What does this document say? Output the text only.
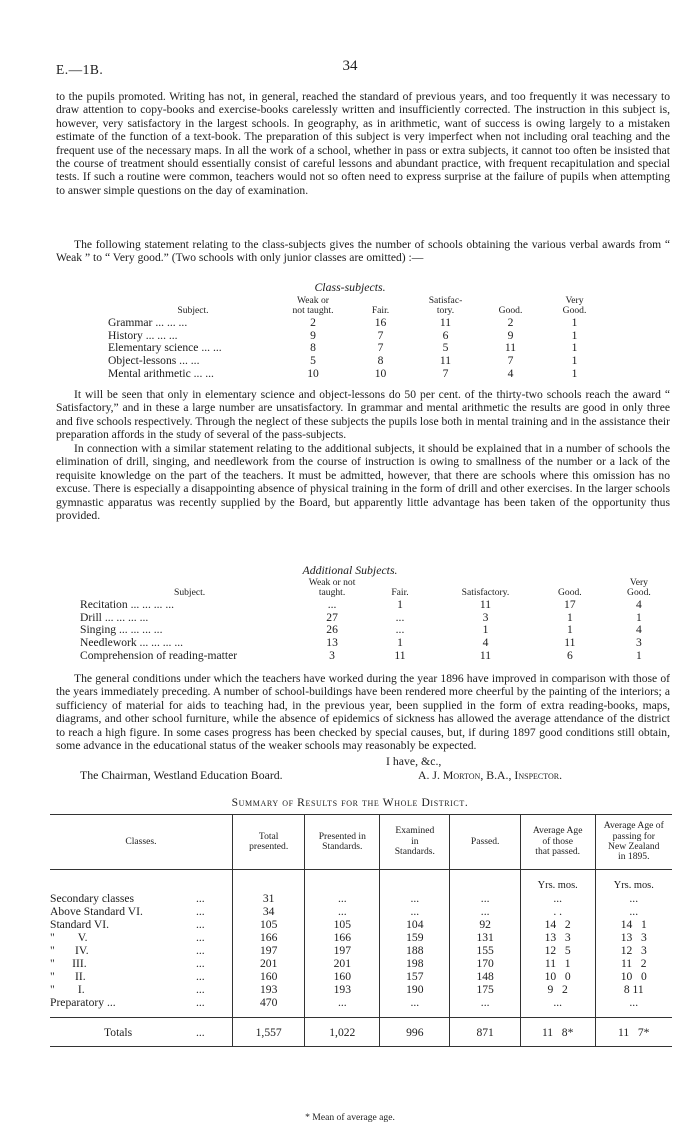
E.—1B.	34
to the pupils promoted. Writing has not, in general, reached the standard of previous years, and too frequently it was necessary to draw attention to copy-books and exercise-books carelessly written and insufficiently corrected. The instruction in this subject is, however, very satisfactory in the largest schools. In geography, as in arithmetic, want of success is owing largely to a mistaken estimate of the function of a text-book. The preparation of this subject is very imperfect when not including oral teaching and the frequent use of the necessary maps. In all the work of a school, whether in pass or extra subjects, it cannot too often be insisted that the course of treatment should essentially consist of careful lessons and abundant practice, with frequent recapitulation and special tests. If such a routine were common, teachers would not so often need to express surprise at the failure of pupils when attempting to answer simple questions on the day of examination.
The following statement relating to the class-subjects gives the number of schools obtaining the various verbal awards from “ Weak ” to “ Very good.” (Two schools with only junior classes are omitted) :—
Class-subjects.
Subject.	Weak or
not taught.	Fair.	Satisfac-
tory.	Good.	Very
Good.
Grammar ... ... ...	2	16	11	2	1
History ... ... ...	9	7	6	9	1
Elementary science ... ...	8	7	5	11	1
Object-lessons ... ...	5	8	11	7	1
Mental arithmetic ... ...	10	10	7	4	1
It will be seen that only in elementary science and object-lessons do 50 per cent. of the thirty-two schools reach the award “ Satisfactory,” and in these a large number are unsatisfactory. In grammar and mental arithmetic the results are good in only three and five schools respectively. Through the neglect of these subjects the pupils lose both in mental training and in the assistance their preparation affords in the study of several of the pass-subjects.
In connection with a similar statement relating to the additional subjects, it should be explained that in a number of schools the elimination of drill, singing, and needlework from the course of instruction is owing to smallness of the number or a lack of the requisite knowledge on the part of the teachers. It must be admitted, however, that there are schools where this omission has no excuse. There is especially a disappointing absence of physical training in the form of drill and other exercises. In the larger schools gymnastic apparatus was recently supplied by the Board, but apparently little advantage has been taken of the opportunity thus provided.
Additional Subjects.
Subject.	Weak or not
taught.	Fair.	Satisfactory.	Good.	Very
Good.
Recitation ... ... ... ...	...	1	11	17	4
Drill ... ... ... ...	27	...	3	1	1
Singing ... ... ... ...	26	...	1	1	4
Needlework ... ... ... ...	13	1	4	11	3
Comprehension of reading-matter	3	11	11	6	1
The general conditions under which the teachers have worked during the year 1896 have improved in comparison with those of the years immediately preceding. A number of school-buildings have been rendered more cheerful by the painting of the interiors; a sufficiency of material for aids to teaching had, in the previous year, been supplied in the form of extra reading-books, maps, diagrams, and other school furniture, while the absence of epidemics of sickness has allowed the average attendance of the district to reach a high figure. In some cases progress has been checked by special causes, but, if during 1897 good conditions still obtain, some advance in the educational status of the weaker schools may reasonably be expected.
I have, &c.,
The Chairman, Westland Education Board.	A. J. Morton, B.A., Inspector.
Summary of Results for the Whole District.
Classes.	Total
presented.	Presented in
Standards.	Examined
in
Standards.	Passed.	Average Age
of those
that passed.	Average Age of
passing for
New Zealand
in 1895.
					Yrs. mos.	Yrs. mos.
Secondary classes ...	31	...	...	...	...	...
Above Standard VI. ...	34	...	...	...	. .	...
Standard VI. ...	105	105	104	92	14   2	14   1
"        V. ...	166	166	159	131	13   3	13   3
"       IV. ...	197	197	188	155	12   5	12   3
"      III. ...	201	201	198	170	11   1	11   2
"       II. ...	160	160	157	148	10   0	10   0
"        I. ...	193	193	190	175	9   2	8 11
Preparatory ... ...	470	...	...	...	...	...

Totals ...	1,557	1,022	996	871	11   8*	11   7*
* Mean of average age.
